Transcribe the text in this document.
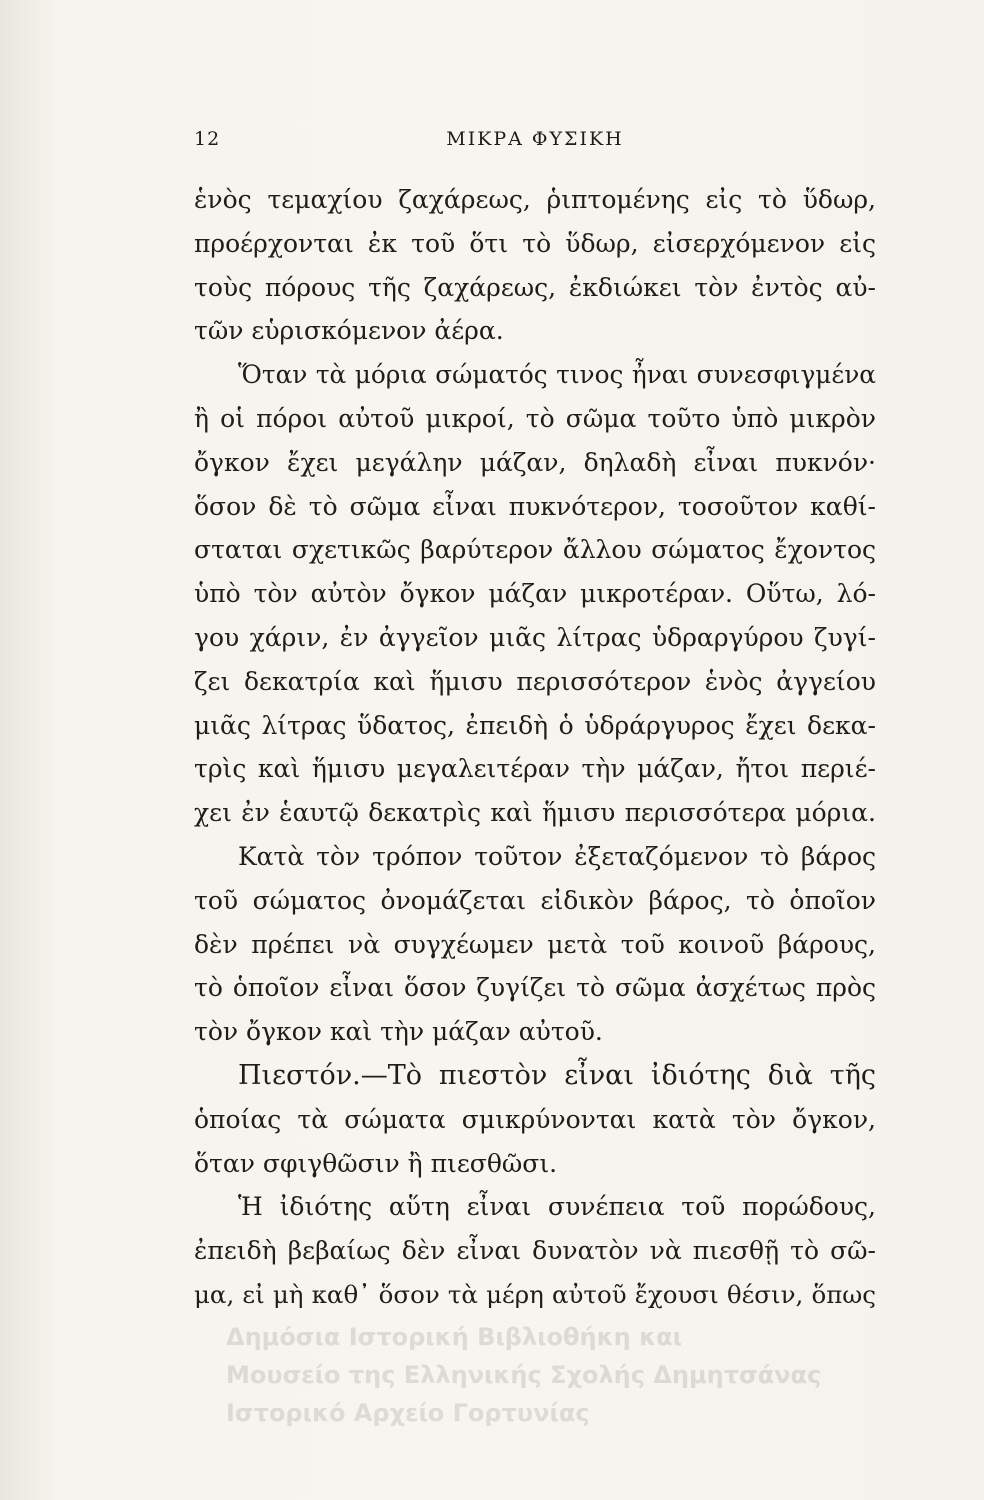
12	ΜΙΚΡΑ ΦΥΣΙΚΗ
ἑνὸς τεμαχίου ζαχάρεως, ῥιπτομένης εἰς τὸ ὕδωρ,
προέρχονται ἐκ τοῦ ὅτι τὸ ὕδωρ, εἰσερχόμενον εἰς
τοὺς πόρους τῆς ζαχάρεως, ἐκδιώκει τὸν ἐντὸς αὐ-
τῶν εὑρισκόμενον ἀέρα.
Ὅταν τὰ μόρια σώματός τινος ἦναι συνεσφιγμένα
ἢ οἱ πόροι αὐτοῦ μικροί, τὸ σῶμα τοῦτο ὑπὸ μικρὸν
ὄγκον ἔχει μεγάλην μάζαν, δηλαδὴ εἶναι πυκνόν·
ὅσον δὲ τὸ σῶμα εἶναι πυκνότερον, τοσοῦτον καθί-
σταται σχετικῶς βαρύτερον ἄλλου σώματος ἔχοντος
ὑπὸ τὸν αὐτὸν ὄγκον μάζαν μικροτέραν. Οὕτω, λό-
γου χάριν, ἐν ἀγγεῖον μιᾶς λίτρας ὑδραργύρου ζυγί-
ζει δεκατρία καὶ ἥμισυ περισσότερον ἑνὸς ἀγγείου
μιᾶς λίτρας ὕδατος, ἐπειδὴ ὁ ὑδράργυρος ἔχει δεκα-
τρὶς καὶ ἥμισυ μεγαλειτέραν τὴν μάζαν, ἤτοι περιέ-
χει ἐν ἑαυτῷ δεκατρὶς καὶ ἥμισυ περισσότερα μόρια.
Κατὰ τὸν τρόπον τοῦτον ἐξεταζόμενον τὸ βάρος
τοῦ σώματος ὀνομάζεται εἰδικὸν βάρος, τὸ ὁποῖον
δὲν πρέπει νὰ συγχέωμεν μετὰ τοῦ κοινοῦ βάρους,
τὸ ὁποῖον εἶναι ὅσον ζυγίζει τὸ σῶμα ἀσχέτως πρὸς
τὸν ὄγκον καὶ τὴν μάζαν αὐτοῦ.
Πιεστόν.—Τὸ πιεστὸν εἶναι ἰδιότης διὰ τῆς
ὁποίας τὰ σώματα σμικρύνονται κατὰ τὸν ὄγκον,
ὅταν σφιγθῶσιν ἢ πιεσθῶσι.
Ἡ ἰδιότης αὕτη εἶναι συνέπεια τοῦ πορώδους,
ἐπειδὴ βεβαίως δὲν εἶναι δυνατὸν νὰ πιεσθῇ τὸ σῶ-
μα, εἰ μὴ καθ᾽ ὅσον τὰ μέρη αὐτοῦ ἔχουσι θέσιν, ὅπως
Δημόσια Ιστορική Βιβλιοθήκη και
Μουσείο της Ελληνικής Σχολής Δημητσάνας
Ιστορικό Αρχείο Γορτυνίας
